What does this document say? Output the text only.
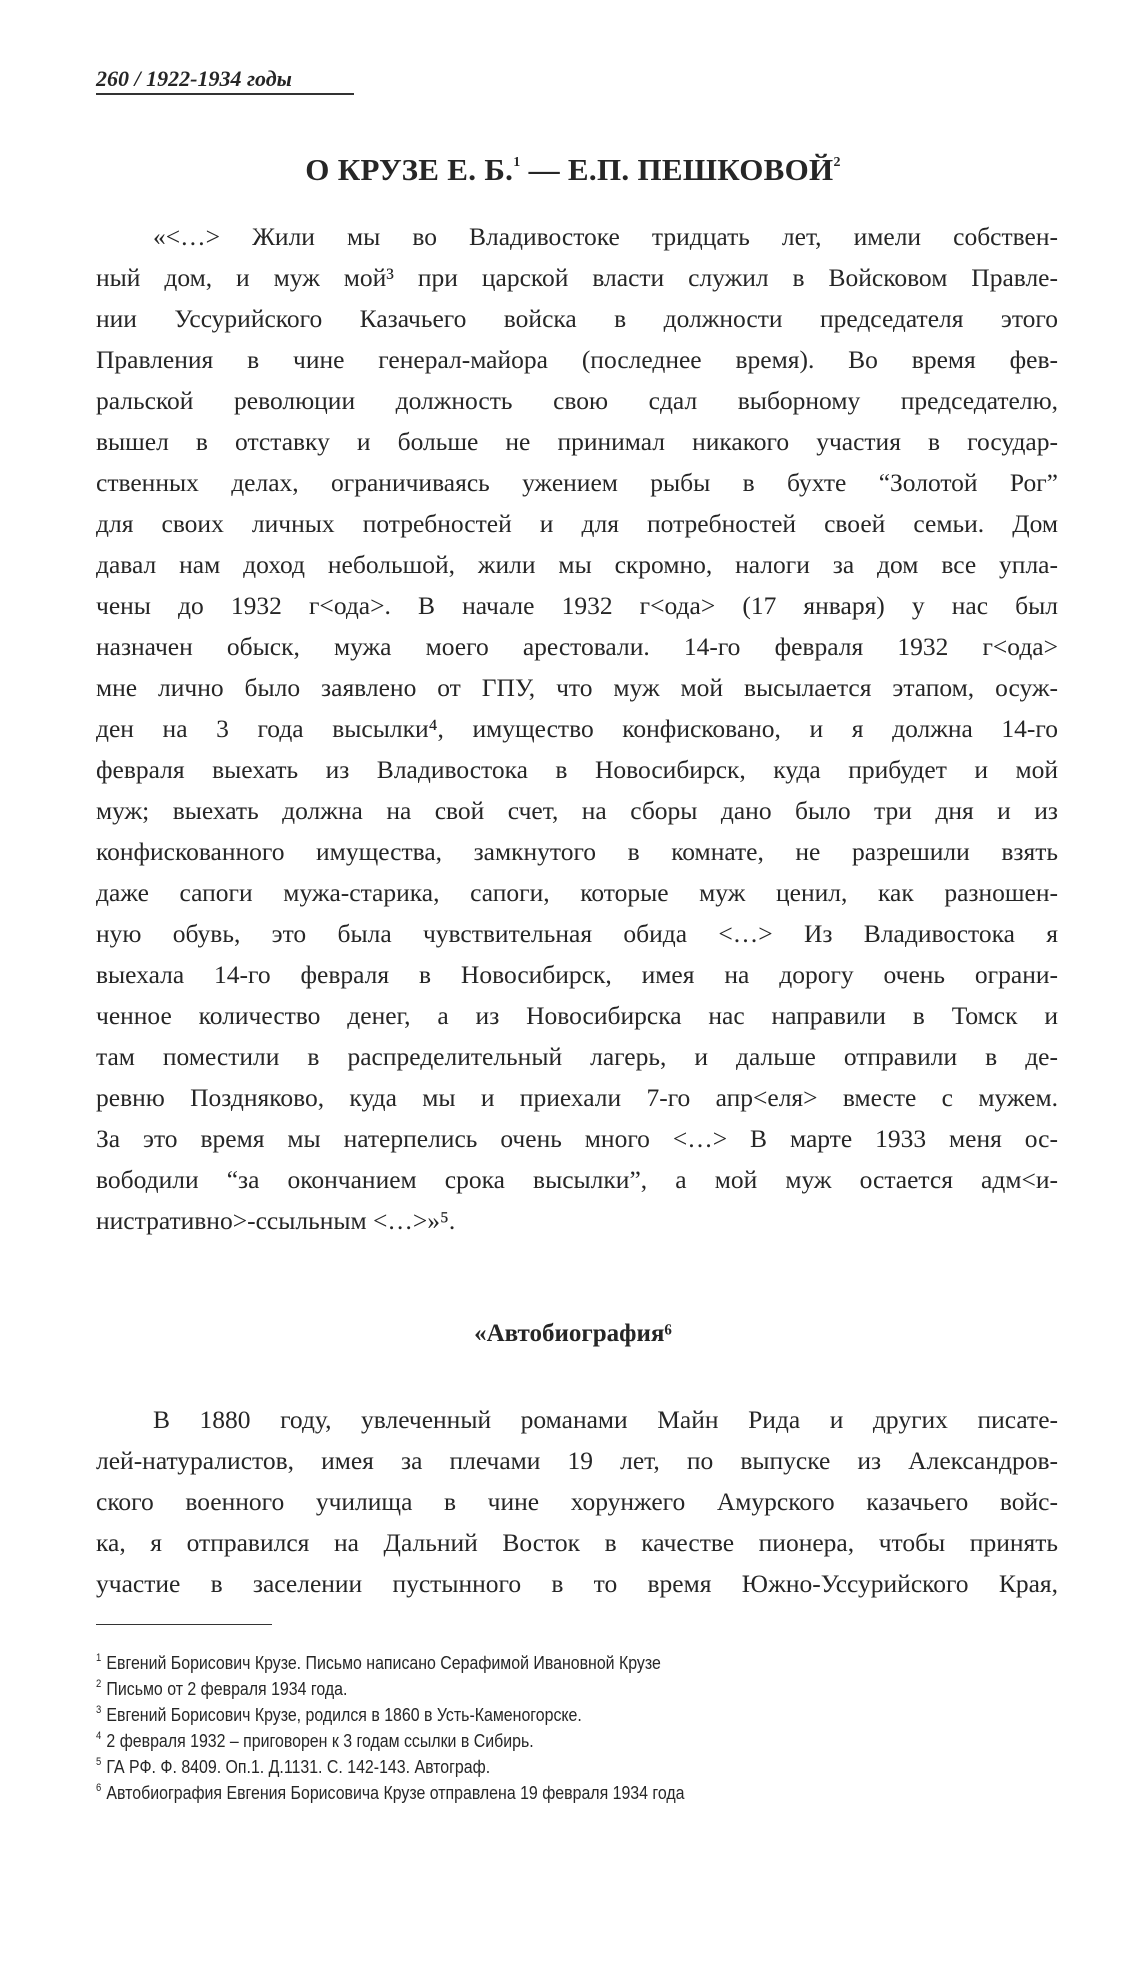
260 / 1922-1934 годы
О КРУЗЕ Е. Б.$^1$ — Е.П. ПЕШКОВОЙ$^2$
«<…> Жили мы во Владивостоке тридцать лет, имели собствен-
ный дом, и муж мой³ при царской власти служил в Войсковом Правле-
нии Уссурийского Казачьего войска в должности председателя этого
Правления в чине генерал-майора (последнее время). Во время фев-
ральской революции должность свою сдал выборному председателю,
вышел в отставку и больше не принимал никакого участия в государ-
ственных делах, ограничиваясь ужением рыбы в бухте “Золотой Рог”
для своих личных потребностей и для потребностей своей семьи. Дом
давал нам доход небольшой, жили мы скромно, налоги за дом все упла-
чены до 1932 г<ода>. В начале 1932 г<ода> (17 января) у нас был
назначен обыск, мужа моего арестовали. 14-го февраля 1932 г<ода>
мне лично было заявлено от ГПУ, что муж мой высылается этапом, осуж-
ден на 3 года высылки⁴, имущество конфисковано, и я должна 14-го
февраля выехать из Владивостока в Новосибирск, куда прибудет и мой
муж; выехать должна на свой счет, на сборы дано было три дня и из
конфискованного имущества, замкнутого в комнате, не разрешили взять
даже сапоги мужа-старика, сапоги, которые муж ценил, как разношен-
ную обувь, это была чувствительная обида <…> Из Владивостока я
выехала 14-го февраля в Новосибирск, имея на дорогу очень ограни-
ченное количество денег, а из Новосибирска нас направили в Томск и
там поместили в распределительный лагерь, и дальше отправили в де-
ревню Поздняково, куда мы и приехали 7-го апр<еля> вместе с мужем.
За это время мы натерпелись очень много <…> В марте 1933 меня ос-
вободили “за окончанием срока высылки”, а мой муж остается адм<и-
нистративно>-ссыльным <…>»⁵.
«Автобиография⁶
В 1880 году, увлеченный романами Майн Рида и других писате-
лей-натуралистов, имея за плечами 19 лет, по выпуске из Александров-
ского военного училища в чине хорунжего Амурского казачьего войс-
ка, я отправился на Дальний Восток в качестве пионера, чтобы принять
участие в заселении пустынного в то время Южно-Уссурийского Края,
$^1$ Евгений Борисович Крузе. Письмо написано Серафимой Ивановной Крузе
$^2$ Письмо от 2 февраля 1934 года.
$^3$ Евгений Борисович Крузе, родился в 1860 в Усть-Каменогорске.
$^4$ 2 февраля 1932 – приговорен к 3 годам ссылки в Сибирь.
$^5$ ГА РФ. Ф. 8409. Оп.1. Д.1131. С. 142-143. Автограф.
$^6$ Автобиография Евгения Борисовича Крузе отправлена 19 февраля 1934 года
